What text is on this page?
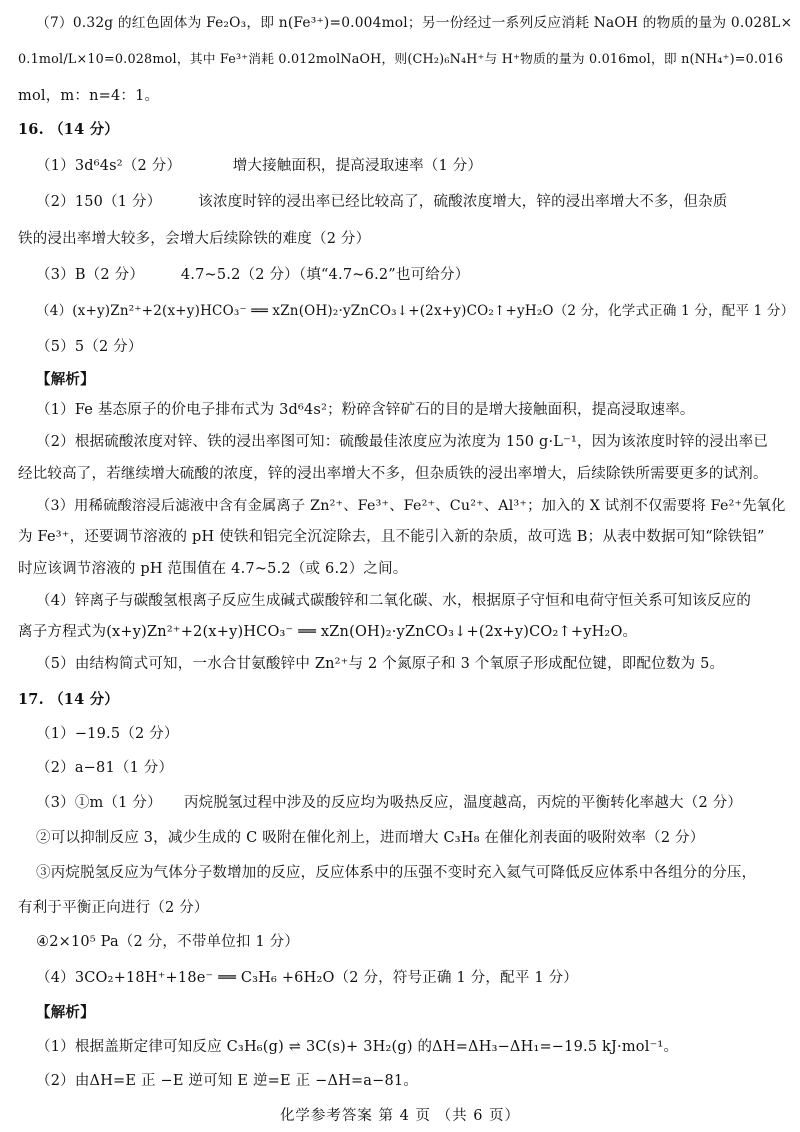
（7）0.32g 的红色固体为 Fe₂O₃，即 n(Fe³⁺)=0.004mol；另一份经过一系列反应消耗 NaOH 的物质的量为 0.028L×
0.1mol/L×10=0.028mol，其中 Fe³⁺消耗 0.012molNaOH，则(CH₂)₆N₄H⁺与 H⁺物质的量为 0.016mol，即 n(NH₄⁺)=0.016
mol，m：n=4：1。
16. （14 分）
（1）3d⁶4s²（2 分）　　　　增大接触面积，提高浸取速率（1 分）
（2）150（1 分）　　　该浓度时锌的浸出率已经比较高了，硫酸浓度增大，锌的浸出率增大不多，但杂质
铁的浸出率增大较多，会增大后续除铁的难度（2 分）
（3）B（2 分）　　　4.7~5.2（2 分）（填“4.7~6.2”也可给分）
（4）(x+y)Zn²⁺+2(x+y)HCO₃⁻ ══ xZn(OH)₂·yZnCO₃↓+(2x+y)CO₂↑+yH₂O（2 分，化学式正确 1 分，配平 1 分）
（5）5（2 分）
【解析】
（1）Fe 基态原子的价电子排布式为 3d⁶4s²；粉碎含锌矿石的目的是增大接触面积，提高浸取速率。
（2）根据硫酸浓度对锌、铁的浸出率图可知：硫酸最佳浓度应为浓度为 150 g·L⁻¹，因为该浓度时锌的浸出率已
经比较高了，若继续增大硫酸的浓度，锌的浸出率增大不多，但杂质铁的浸出率增大，后续除铁所需要更多的试剂。
（3）用稀硫酸溶浸后滤液中含有金属离子 Zn²⁺、Fe³⁺、Fe²⁺、Cu²⁺、Al³⁺；加入的 X 试剂不仅需要将 Fe²⁺先氧化
为 Fe³⁺，还要调节溶液的 pH 使铁和铝完全沉淀除去，且不能引入新的杂质，故可选 B；从表中数据可知“除铁铝”
时应该调节溶液的 pH 范围值在 4.7~5.2（或 6.2）之间。
（4）锌离子与碳酸氢根离子反应生成碱式碳酸锌和二氧化碳、水，根据原子守恒和电荷守恒关系可知该反应的
离子方程式为(x+y)Zn²⁺+2(x+y)HCO₃⁻ ══ xZn(OH)₂·yZnCO₃↓+(2x+y)CO₂↑+yH₂O。
（5）由结构简式可知，一水合甘氨酸锌中 Zn²⁺与 2 个氮原子和 3 个氧原子形成配位键，即配位数为 5。
17. （14 分）
（1）−19.5（2 分）
（2）a−81（1 分）
（3）①m（1 分）　　丙烷脱氢过程中涉及的反应均为吸热反应，温度越高，丙烷的平衡转化率越大（2 分）
②可以抑制反应 3，减少生成的 C 吸附在催化剂上，进而增大 C₃H₈ 在催化剂表面的吸附效率（2 分）
③丙烷脱氢反应为气体分子数增加的反应，反应体系中的压强不变时充入氦气可降低反应体系中各组分的分压，
有利于平衡正向进行（2 分）
④2×10⁵ Pa（2 分，不带单位扣 1 分）
（4）3CO₂+18H⁺+18e⁻ ══ C₃H₆ +6H₂O（2 分，符号正确 1 分，配平 1 分）
【解析】
（1）根据盖斯定律可知反应 C₃H₆(g) ⇌ 3C(s)+ 3H₂(g) 的ΔH=ΔH₃−ΔH₁=−19.5 kJ·mol⁻¹。
（2）由ΔH=E 正 −E 逆可知 E 逆=E 正 −ΔH=a−81。
化学参考答案 第 4 页 （共 6 页）
